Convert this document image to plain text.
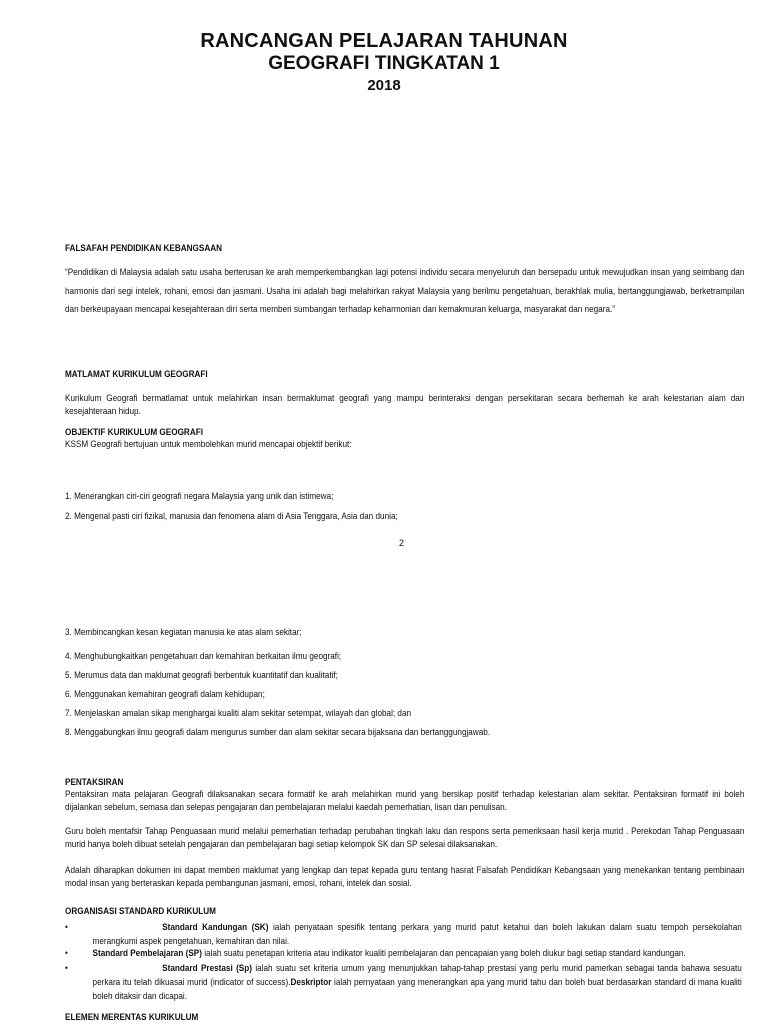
RANCANGAN PELAJARAN TAHUNAN
GEOGRAFI TINGKATAN 1
2018
FALSAFAH PENDIDIKAN KEBANGSAAN
“Pendidikan di Malaysia adalah satu usaha berterusan ke arah memperkembangkan lagi potensi individu secara menyeluruh dan bersepadu untuk mewujudkan insan yang seimbang dan harmonis dari segi intelek, rohani, emosi dan jasmani. Usaha ini adalah bagi melahirkan rakyat Malaysia yang berilmu pengetahuan, berakhlak mulia, bertanggungjawab, berketrampilan dan berkeupayaan mencapai kesejahteraan diri serta memberi sumbangan terhadap keharmonian dan kemakmuran keluarga, masyarakat dan negara.”
MATLAMAT KURIKULUM GEOGRAFI
Kurikulum Geografi bermatlamat untuk melahirkan insan bermaklumat geografi yang mampu berinteraksi dengan persekitaran secara berhemah ke arah kelestarian alam dan kesejahteraan hidup.
OBJEKTIF KURIKULUM GEOGRAFI
KSSM Geografi bertujuan untuk membolehkan murid mencapai objektif berikut:
1. Menerangkan ciri-ciri geografi negara Malaysia yang unik dan istimewa;
2. Mengenal pasti ciri fizikal, manusia dan fenomena alam di Asia Tenggara, Asia dan dunia;
2
3. Membincangkan kesan kegiatan manusia ke atas alam sekitar;
4. Menghubungkaitkan pengetahuan dan kemahiran berkaitan ilmu geografi;
5. Merumus data dan maklumat geografi berbentuk kuantitatif dan kualitatif;
6. Menggunakan kemahiran geografi dalam kehidupan;
7. Menjelaskan amalan sikap menghargai kualiti alam sekitar setempat, wilayah dan global; dan
8. Menggabungkan ilmu geografi dalam mengurus sumber dan alam sekitar secara bijaksana dan bertanggungjawab.
PENTAKSIRAN
Pentaksiran mata pelajaran Geografi dilaksanakan secara formatif ke arah melahirkan murid yang bersikap positif terhadap kelestarian alam sekitar. Pentaksiran formatif ini boleh dijalankan sebelum, semasa dan selepas pengajaran dan pembelajaran melalui kaedah pemerhatian, lisan dan penulisan.
Guru boleh mentafsir Tahap Penguasaan murid melalui pemerhatian terhadap perubahan tingkah laku dan respons serta pemeriksaan hasil kerja murid . Perekodan Tahap Penguasaan murid hanya boleh dibuat setelah pengajaran dan pembelajaran bagi setiap kelompok SK dan SP selesai dilaksanakan.
Adalah diharapkan dokumen ini dapat memberi maklumat yang lengkap dan tepat kepada guru tentang hasrat Falsafah Pendidikan Kebangsaan yang menekankan tentang pembinaan modal insan yang berteraskan kepada pembangunan jasmani, emosi, rohani, intelek dan sosial.
ORGANISASI STANDARD KURIKULUM
•	Standard Kandungan (SK) ialah penyataan spesifik tentang perkara yang murid patut ketahui dan boleh lakukan dalam suatu tempoh persekolahan merangkumi aspek pengetahuan, kemahiran dan nilai.
•	Standard Pembelajaran (SP) ialah suatu penetapan kriteria atau indikator kualiti pembelajaran dan pencapaian yang boleh diukur bagi setiap standard kandungan.
•	Standard Prestasi (Sp) ialah suatu set kriteria umum yang menunjukkan tahap-tahap prestasi yang perlu murid pamerkan sebagai tanda bahawa sesuatu perkara itu telah dikuasai murid (indicator of success).Deskriptor ialah pernyataan yang menerangkan apa yang murid tahu dan boleh buat berdasarkan standard di mana kualiti boleh ditaksir dan dicapai.
ELEMEN MERENTAS KURIKULUM
